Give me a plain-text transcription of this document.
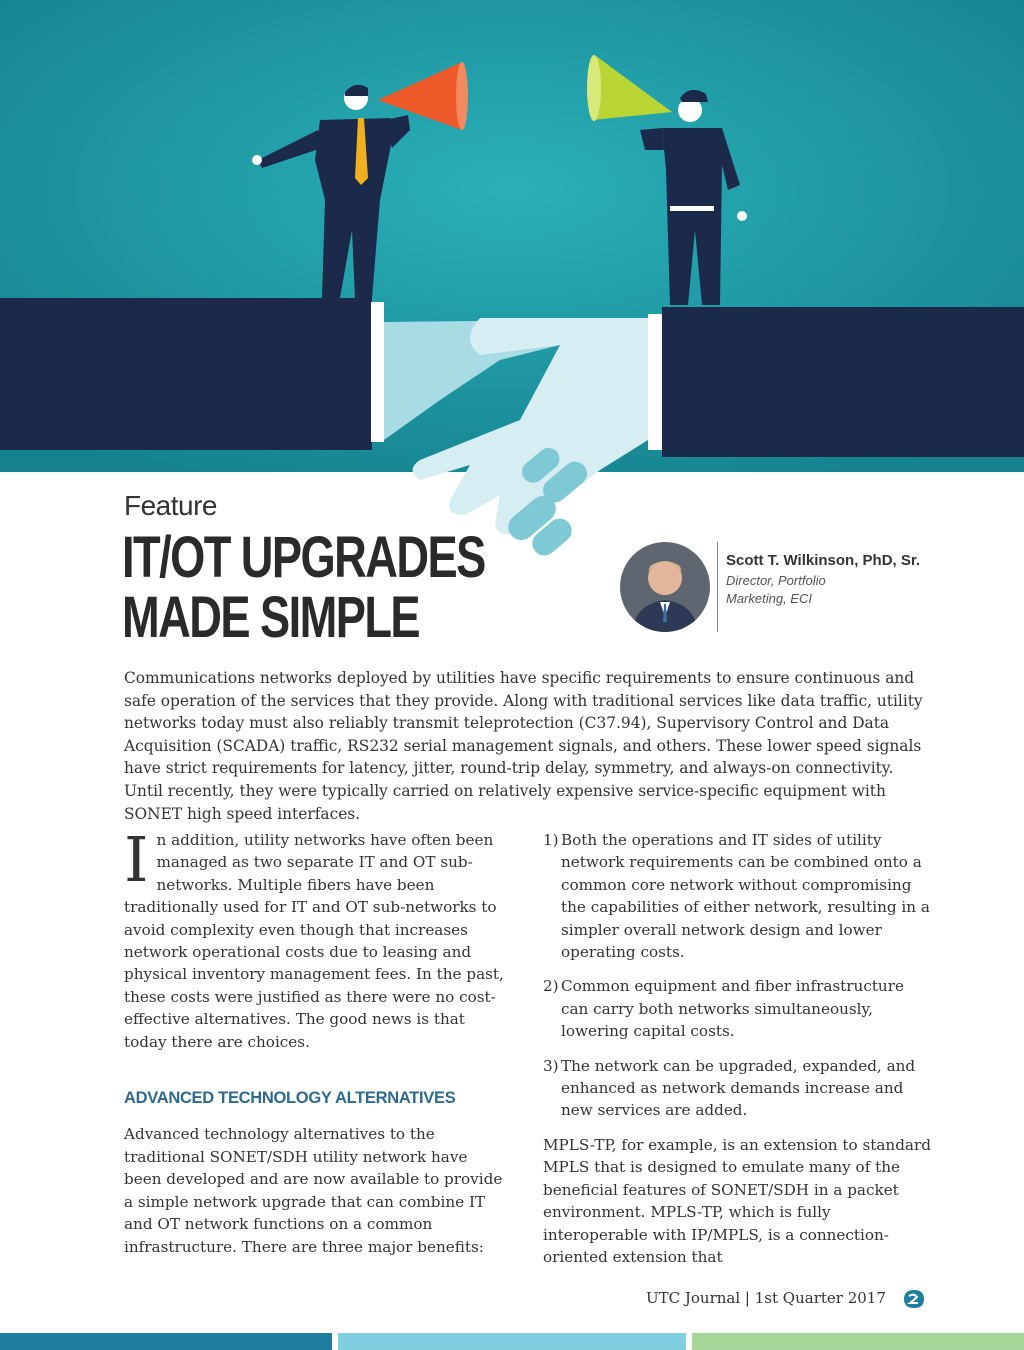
Feature
IT/OT UPGRADES
MADE SIMPLE
Scott T. Wilkinson, PhD, Sr.
Director, Portfolio Marketing, ECI
Communications networks deployed by utilities have specific requirements to ensure continuous and safe operation of the services that they provide. Along with traditional services like data traffic, utility networks today must also reliably transmit teleprotection (C37.94), Supervisory Control and Data Acquisition (SCADA) traffic, RS232 serial management signals, and others. These lower speed signals have strict requirements for latency, jitter, round-trip delay, symmetry, and always-on connectivity. Until recently, they were typically carried on relatively expensive service-specific equipment with SONET high speed interfaces.

In addition, utility networks have often been managed as two separate IT and OT sub-networks. Multiple fibers have been traditionally used for IT and OT sub-networks to avoid complexity even though that increases network operational costs due to leasing and physical inventory management fees. In the past, these costs were justified as there were no cost-effective alternatives. The good news is that today there are choices.

ADVANCED TECHNOLOGY ALTERNATIVES

Advanced technology alternatives to the traditional SONET/SDH utility network have been developed and are now available to provide a simple network upgrade that can combine IT and OT network functions on a common infrastructure. There are three major benefits:

1) Both the operations and IT sides of utility network requirements can be combined onto a common core network without compromising the capabilities of either network, resulting in a simpler overall network design and lower operating costs.
2) Common equipment and fiber infrastructure can carry both networks simultaneously, lowering capital costs.
3) The network can be upgraded, expanded, and enhanced as network demands increase and new services are added.

MPLS-TP, for example, is an extension to standard MPLS that is designed to emulate many of the beneficial features of SONET/SDH in a packet environment. MPLS-TP, which is fully interoperable with IP/MPLS, is a connection-oriented extension that

UTC Journal | 1st Quarter 2017
